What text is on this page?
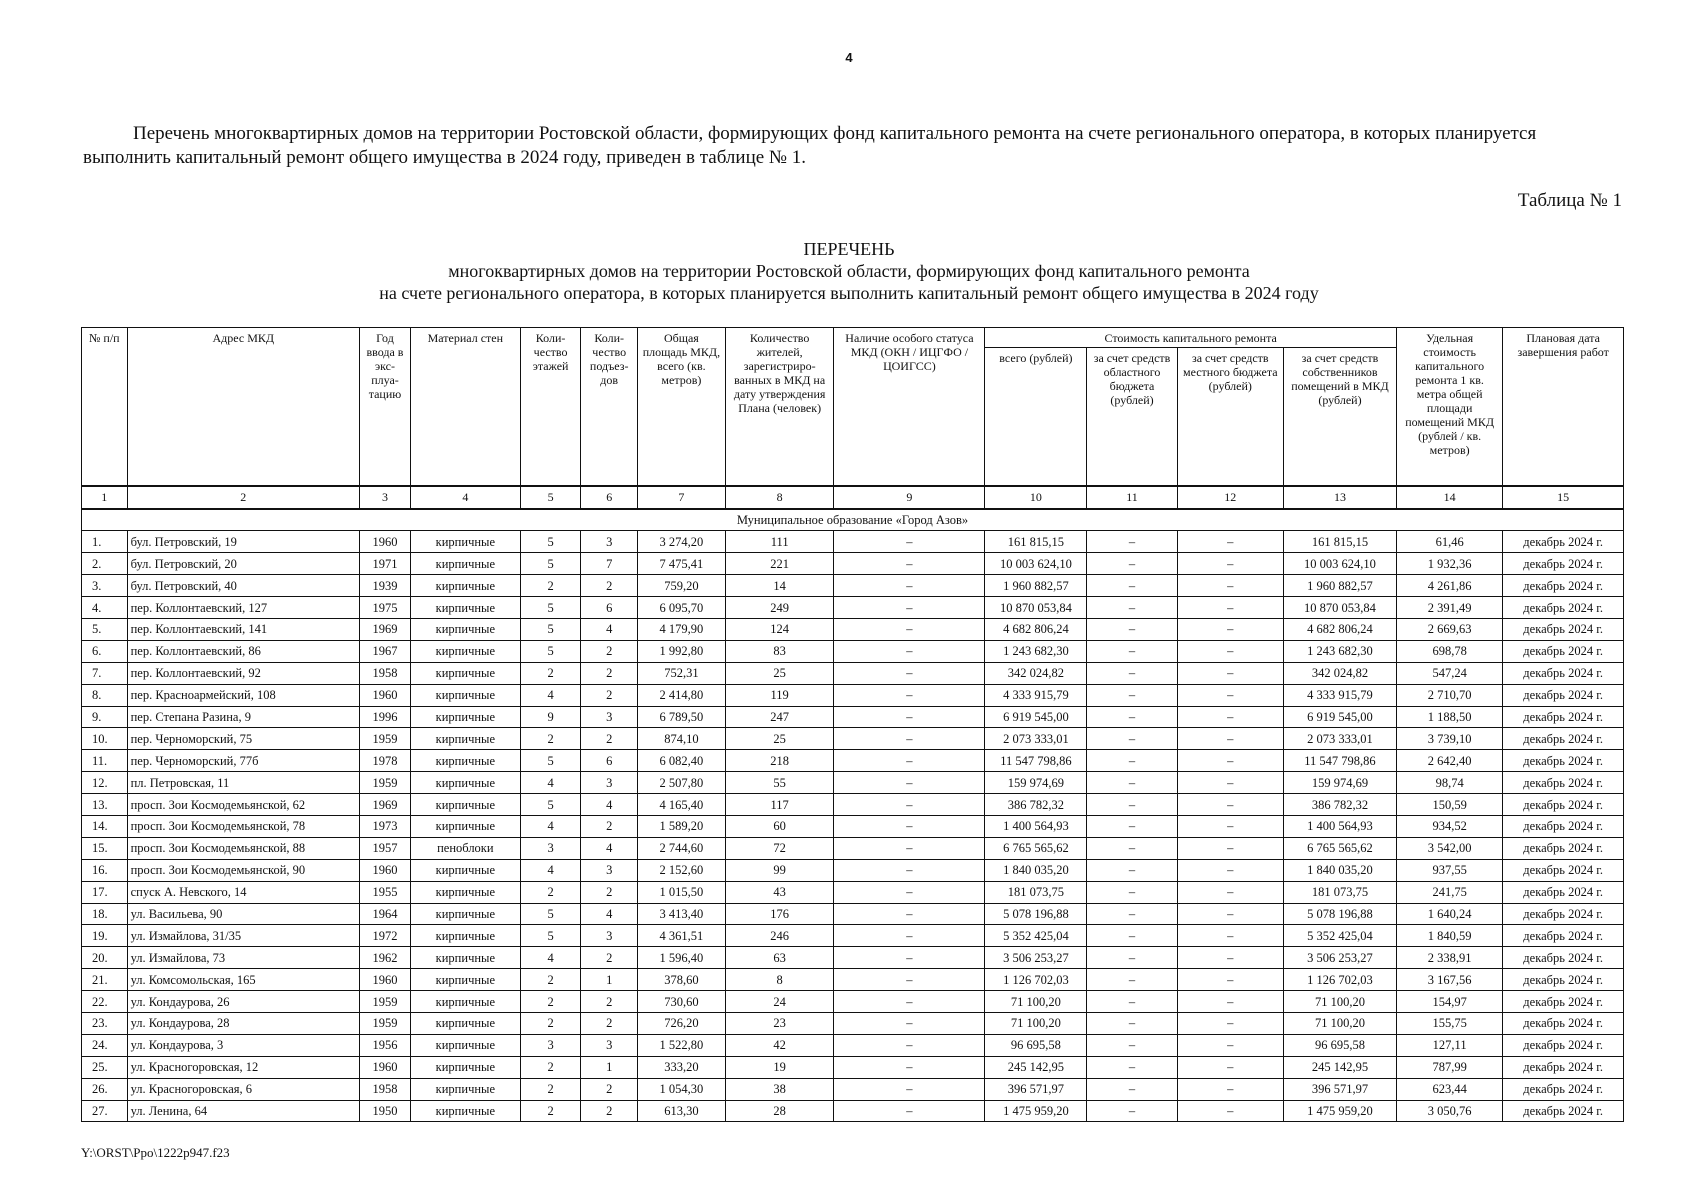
4

Перечень многоквартирных домов на территории Ростовской области, формирующих фонд капитального ремонта на счете регионального оператора, в которых планируется выполнить капитальный ремонт общего имущества в 2024 году, приведен в таблице № 1.

Таблица № 1
ПЕРЕЧЕНЬ
многоквартирных домов на территории Ростовской области, формирующих фонд капитального ремонта
на счете регионального оператора, в которых планируется выполнить капитальный ремонт общего имущества в 2024 году
№ п/п	Адрес МКД	Год ввода в экс-плуа-тацию	Материал стен	Коли-чество этажей	Коли-чество подъез-дов	Общая площадь МКД, всего (кв. метров)	Количество жителей, зарегистриро-ванных в МКД на дату утверждения Плана (человек)	Наличие особого статуса МКД (ОКН / ИЦГФО / ЦОИГСС)	Стоимость капитального ремонта				Удельная стоимость капитального ремонта 1 кв. метра общей площади помещений МКД (рублей / кв. метров)	Плановая дата завершения работ
									всего (рублей)	за счет средств областного бюджета (рублей)	за счет средств местного бюджета (рублей)	за счет средств собственников помещений в МКД (рублей)		
1	2	3	4	5	6	7	8	9	10	11	12	13	14	15
Муниципальное образование «Город Азов»														
1.	бул. Петровский, 19	1960	кирпичные	5	3	3 274,20	111	–	161 815,15	–	–	161 815,15	61,46	декабрь 2024 г.
2.	бул. Петровский, 20	1971	кирпичные	5	7	7 475,41	221	–	10 003 624,10	–	–	10 003 624,10	1 932,36	декабрь 2024 г.
3.	бул. Петровский, 40	1939	кирпичные	2	2	759,20	14	–	1 960 882,57	–	–	1 960 882,57	4 261,86	декабрь 2024 г.
4.	пер. Коллонтаевский, 127	1975	кирпичные	5	6	6 095,70	249	–	10 870 053,84	–	–	10 870 053,84	2 391,49	декабрь 2024 г.
5.	пер. Коллонтаевский, 141	1969	кирпичные	5	4	4 179,90	124	–	4 682 806,24	–	–	4 682 806,24	2 669,63	декабрь 2024 г.
6.	пер. Коллонтаевский, 86	1967	кирпичные	5	2	1 992,80	83	–	1 243 682,30	–	–	1 243 682,30	698,78	декабрь 2024 г.
7.	пер. Коллонтаевский, 92	1958	кирпичные	2	2	752,31	25	–	342 024,82	–	–	342 024,82	547,24	декабрь 2024 г.
8.	пер. Красноармейский, 108	1960	кирпичные	4	2	2 414,80	119	–	4 333 915,79	–	–	4 333 915,79	2 710,70	декабрь 2024 г.
9.	пер. Степана Разина, 9	1996	кирпичные	9	3	6 789,50	247	–	6 919 545,00	–	–	6 919 545,00	1 188,50	декабрь 2024 г.
10.	пер. Черноморский, 75	1959	кирпичные	2	2	874,10	25	–	2 073 333,01	–	–	2 073 333,01	3 739,10	декабрь 2024 г.
11.	пер. Черноморский, 77б	1978	кирпичные	5	6	6 082,40	218	–	11 547 798,86	–	–	11 547 798,86	2 642,40	декабрь 2024 г.
12.	пл. Петровская, 11	1959	кирпичные	4	3	2 507,80	55	–	159 974,69	–	–	159 974,69	98,74	декабрь 2024 г.
13.	просп. Зои Космодемьянской, 62	1969	кирпичные	5	4	4 165,40	117	–	386 782,32	–	–	386 782,32	150,59	декабрь 2024 г.
14.	просп. Зои Космодемьянской, 78	1973	кирпичные	4	2	1 589,20	60	–	1 400 564,93	–	–	1 400 564,93	934,52	декабрь 2024 г.
15.	просп. Зои Космодемьянской, 88	1957	пеноблоки	3	4	2 744,60	72	–	6 765 565,62	–	–	6 765 565,62	3 542,00	декабрь 2024 г.
16.	просп. Зои Космодемьянской, 90	1960	кирпичные	4	3	2 152,60	99	–	1 840 035,20	–	–	1 840 035,20	937,55	декабрь 2024 г.
17.	спуск А. Невского, 14	1955	кирпичные	2	2	1 015,50	43	–	181 073,75	–	–	181 073,75	241,75	декабрь 2024 г.
18.	ул. Васильева, 90	1964	кирпичные	5	4	3 413,40	176	–	5 078 196,88	–	–	5 078 196,88	1 640,24	декабрь 2024 г.
19.	ул. Измайлова, 31/35	1972	кирпичные	5	3	4 361,51	246	–	5 352 425,04	–	–	5 352 425,04	1 840,59	декабрь 2024 г.
20.	ул. Измайлова, 73	1962	кирпичные	4	2	1 596,40	63	–	3 506 253,27	–	–	3 506 253,27	2 338,91	декабрь 2024 г.
21.	ул. Комсомольская, 165	1960	кирпичные	2	1	378,60	8	–	1 126 702,03	–	–	1 126 702,03	3 167,56	декабрь 2024 г.
22.	ул. Кондаурова, 26	1959	кирпичные	2	2	730,60	24	–	71 100,20	–	–	71 100,20	154,97	декабрь 2024 г.
23.	ул. Кондаурова, 28	1959	кирпичные	2	2	726,20	23	–	71 100,20	–	–	71 100,20	155,75	декабрь 2024 г.
24.	ул. Кондаурова, 3	1956	кирпичные	3	3	1 522,80	42	–	96 695,58	–	–	96 695,58	127,11	декабрь 2024 г.
25.	ул. Красногоровская, 12	1960	кирпичные	2	1	333,20	19	–	245 142,95	–	–	245 142,95	787,99	декабрь 2024 г.
26.	ул. Красногоровская, 6	1958	кирпичные	2	2	1 054,30	38	–	396 571,97	–	–	396 571,97	623,44	декабрь 2024 г.
27.	ул. Ленина, 64	1950	кирпичные	2	2	613,30	28	–	1 475 959,20	–	–	1 475 959,20	3 050,76	декабрь 2024 г.
Y:\ORST\Ppo\1222p947.f23
